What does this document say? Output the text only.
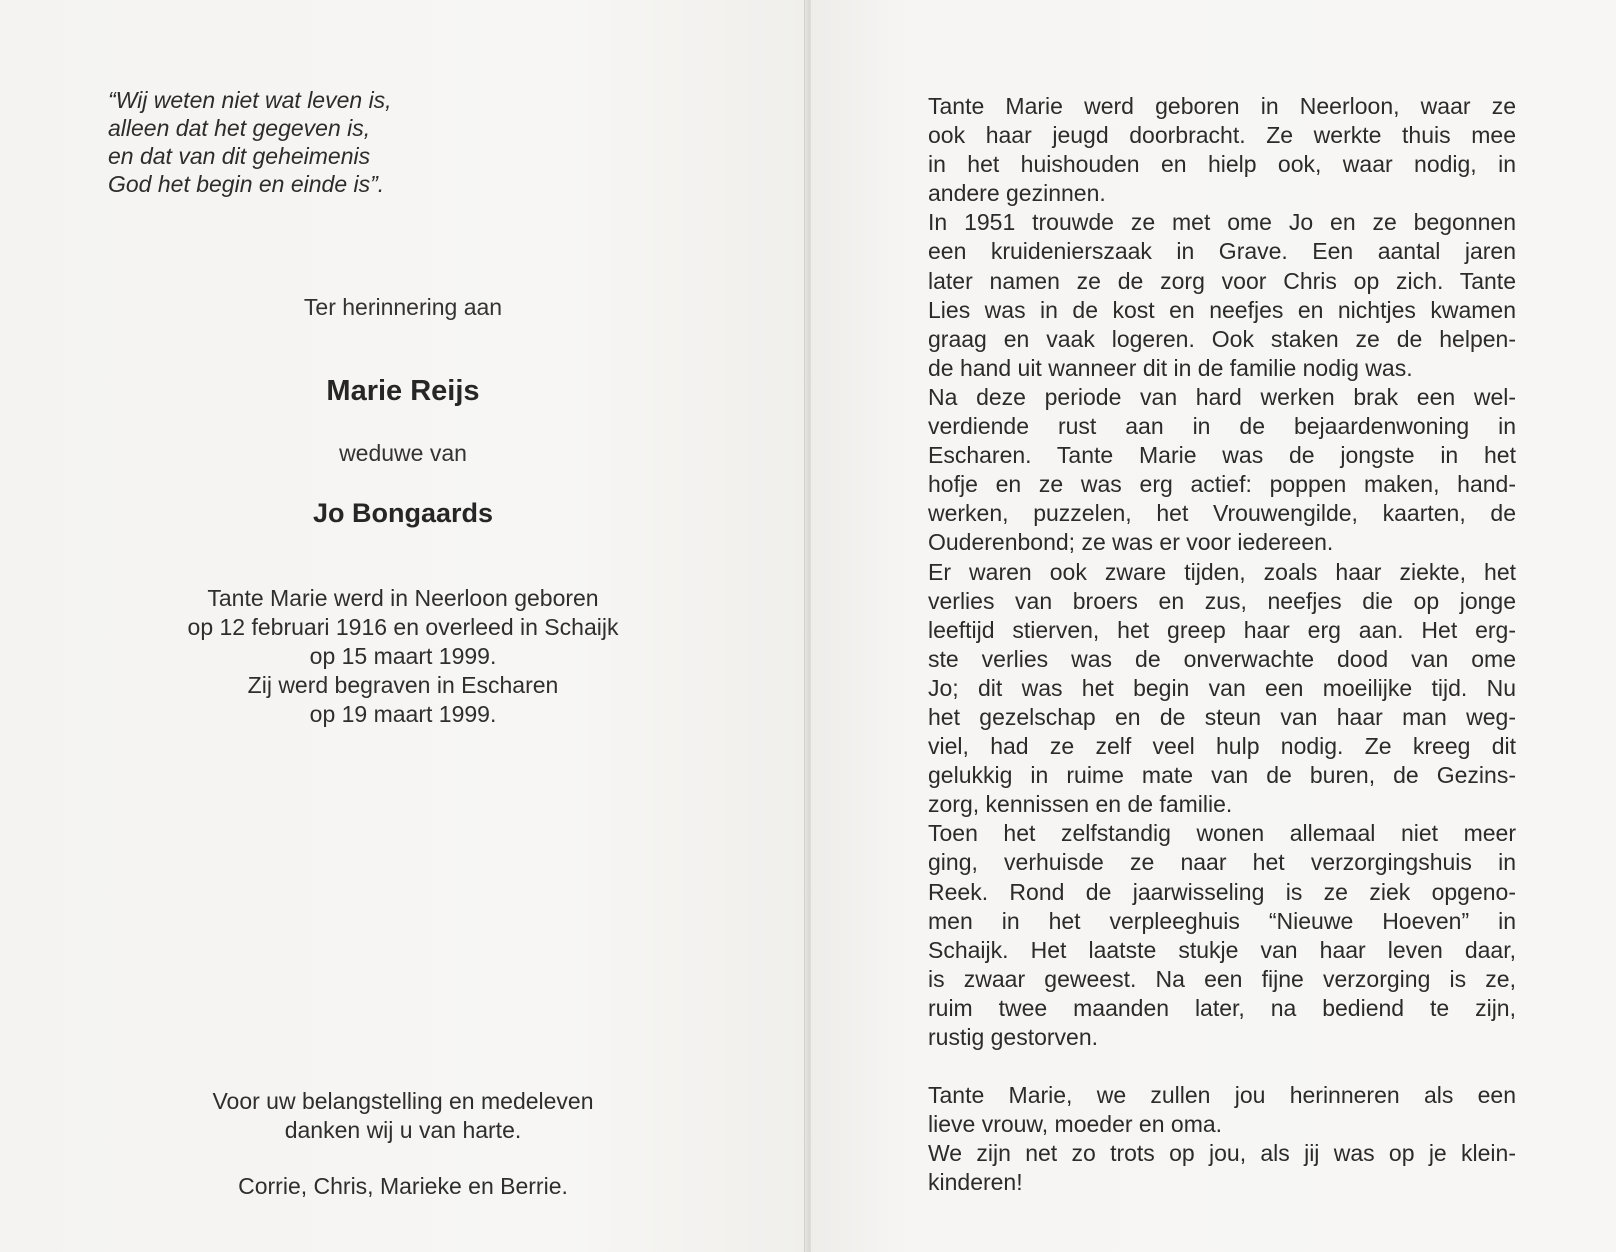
“Wij weten niet wat leven is,
alleen dat het gegeven is,
en dat van dit geheimenis
God het begin en einde is”.
Ter herinnering aan
Marie Reijs
weduwe van
Jo Bongaards
Tante Marie werd in Neerloon geboren
op 12 februari 1916 en overleed in Schaijk
op 15 maart 1999.
Zij werd begraven in Escharen
op 19 maart 1999.
Voor uw belangstelling en medeleven
danken wij u van harte.
Corrie, Chris, Marieke en Berrie.
Tante Marie werd geboren in Neerloon, waar ze
ook haar jeugd doorbracht. Ze werkte thuis mee
in het huishouden en hielp ook, waar nodig, in
andere gezinnen.
In 1951 trouwde ze met ome Jo en ze begonnen
een kruidenierszaak in Grave. Een aantal jaren
later namen ze de zorg voor Chris op zich. Tante
Lies was in de kost en neefjes en nichtjes kwamen
graag en vaak logeren. Ook staken ze de helpen-
de hand uit wanneer dit in de familie nodig was.
Na deze periode van hard werken brak een wel-
verdiende rust aan in de bejaardenwoning in
Escharen. Tante Marie was de jongste in het
hofje en ze was erg actief: poppen maken, hand-
werken, puzzelen, het Vrouwengilde, kaarten, de
Ouderenbond; ze was er voor iedereen.
Er waren ook zware tijden, zoals haar ziekte, het
verlies van broers en zus, neefjes die op jonge
leeftijd stierven, het greep haar erg aan. Het erg-
ste verlies was de onverwachte dood van ome
Jo; dit was het begin van een moeilijke tijd. Nu
het gezelschap en de steun van haar man weg-
viel, had ze zelf veel hulp nodig. Ze kreeg dit
gelukkig in ruime mate van de buren, de Gezins-
zorg, kennissen en de familie.
Toen het zelfstandig wonen allemaal niet meer
ging, verhuisde ze naar het verzorgingshuis in
Reek. Rond de jaarwisseling is ze ziek opgeno-
men in het verpleeghuis “Nieuwe Hoeven” in
Schaijk. Het laatste stukje van haar leven daar,
is zwaar geweest. Na een fijne verzorging is ze,
ruim twee maanden later, na bediend te zijn,
rustig gestorven.
Tante Marie, we zullen jou herinneren als een
lieve vrouw, moeder en oma.
We zijn net zo trots op jou, als jij was op je klein-
kinderen!
